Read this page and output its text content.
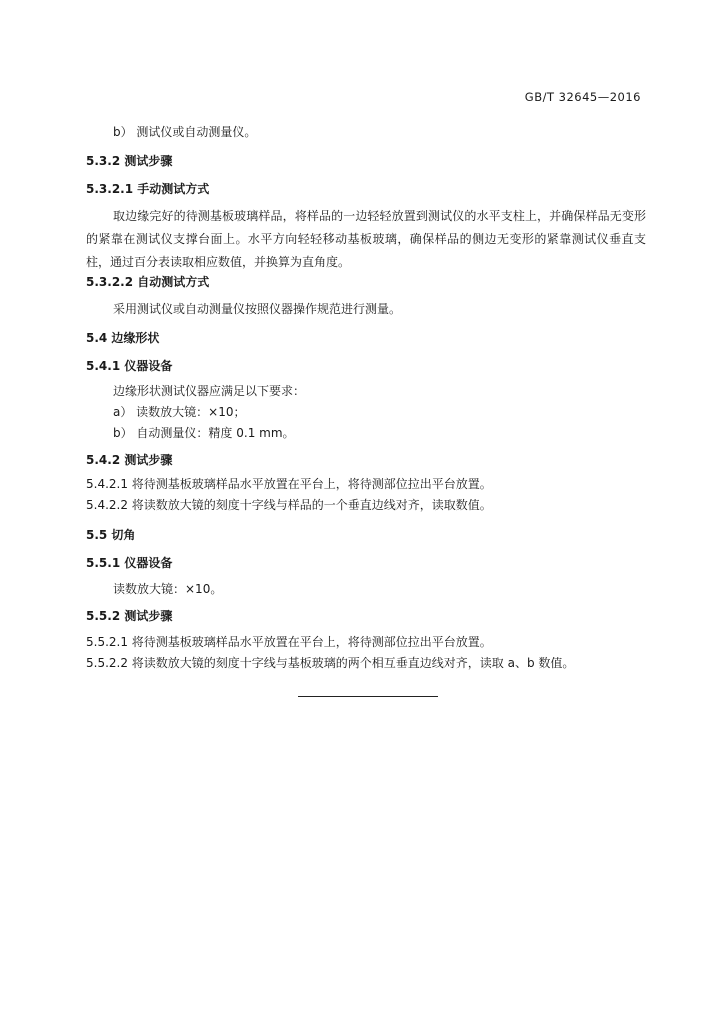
GB/T 32645—2016
b） 测试仪或自动测量仪。
5.3.2 测试步骤
5.3.2.1 手动测试方式
取边缘完好的待测基板玻璃样品，将样品的一边轻轻放置到测试仪的水平支柱上，并确保样品无变形的紧靠在测试仪支撑台面上。水平方向轻轻移动基板玻璃，确保样品的侧边无变形的紧靠测试仪垂直支柱，通过百分表读取相应数值，并换算为直角度。
5.3.2.2 自动测试方式
采用测试仪或自动测量仪按照仪器操作规范进行测量。
5.4 边缘形状
5.4.1 仪器设备
边缘形状测试仪器应满足以下要求：
a） 读数放大镜：×10；
b） 自动测量仪：精度 0.1 mm。
5.4.2 测试步骤
5.4.2.1 将待测基板玻璃样品水平放置在平台上，将待测部位拉出平台放置。
5.4.2.2 将读数放大镜的刻度十字线与样品的一个垂直边线对齐，读取数值。
5.5 切角
5.5.1 仪器设备
读数放大镜：×10。
5.5.2 测试步骤
5.5.2.1 将待测基板玻璃样品水平放置在平台上，将待测部位拉出平台放置。
5.5.2.2 将读数放大镜的刻度十字线与基板玻璃的两个相互垂直边线对齐，读取 a、b 数值。
